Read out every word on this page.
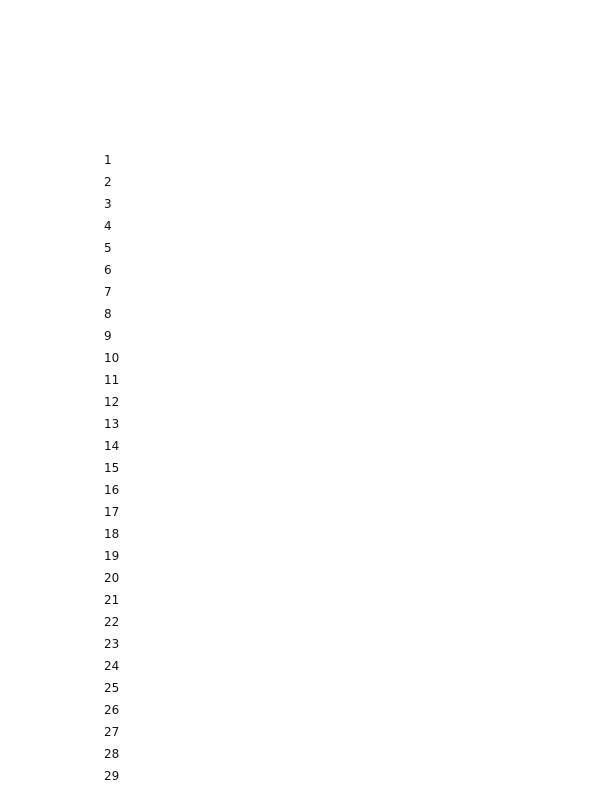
1
2
3
4
5
6
7
8
9
10
11
12
13
14
15
16
17
18
19
20
21
22
23
24
25
26
27
28
29
